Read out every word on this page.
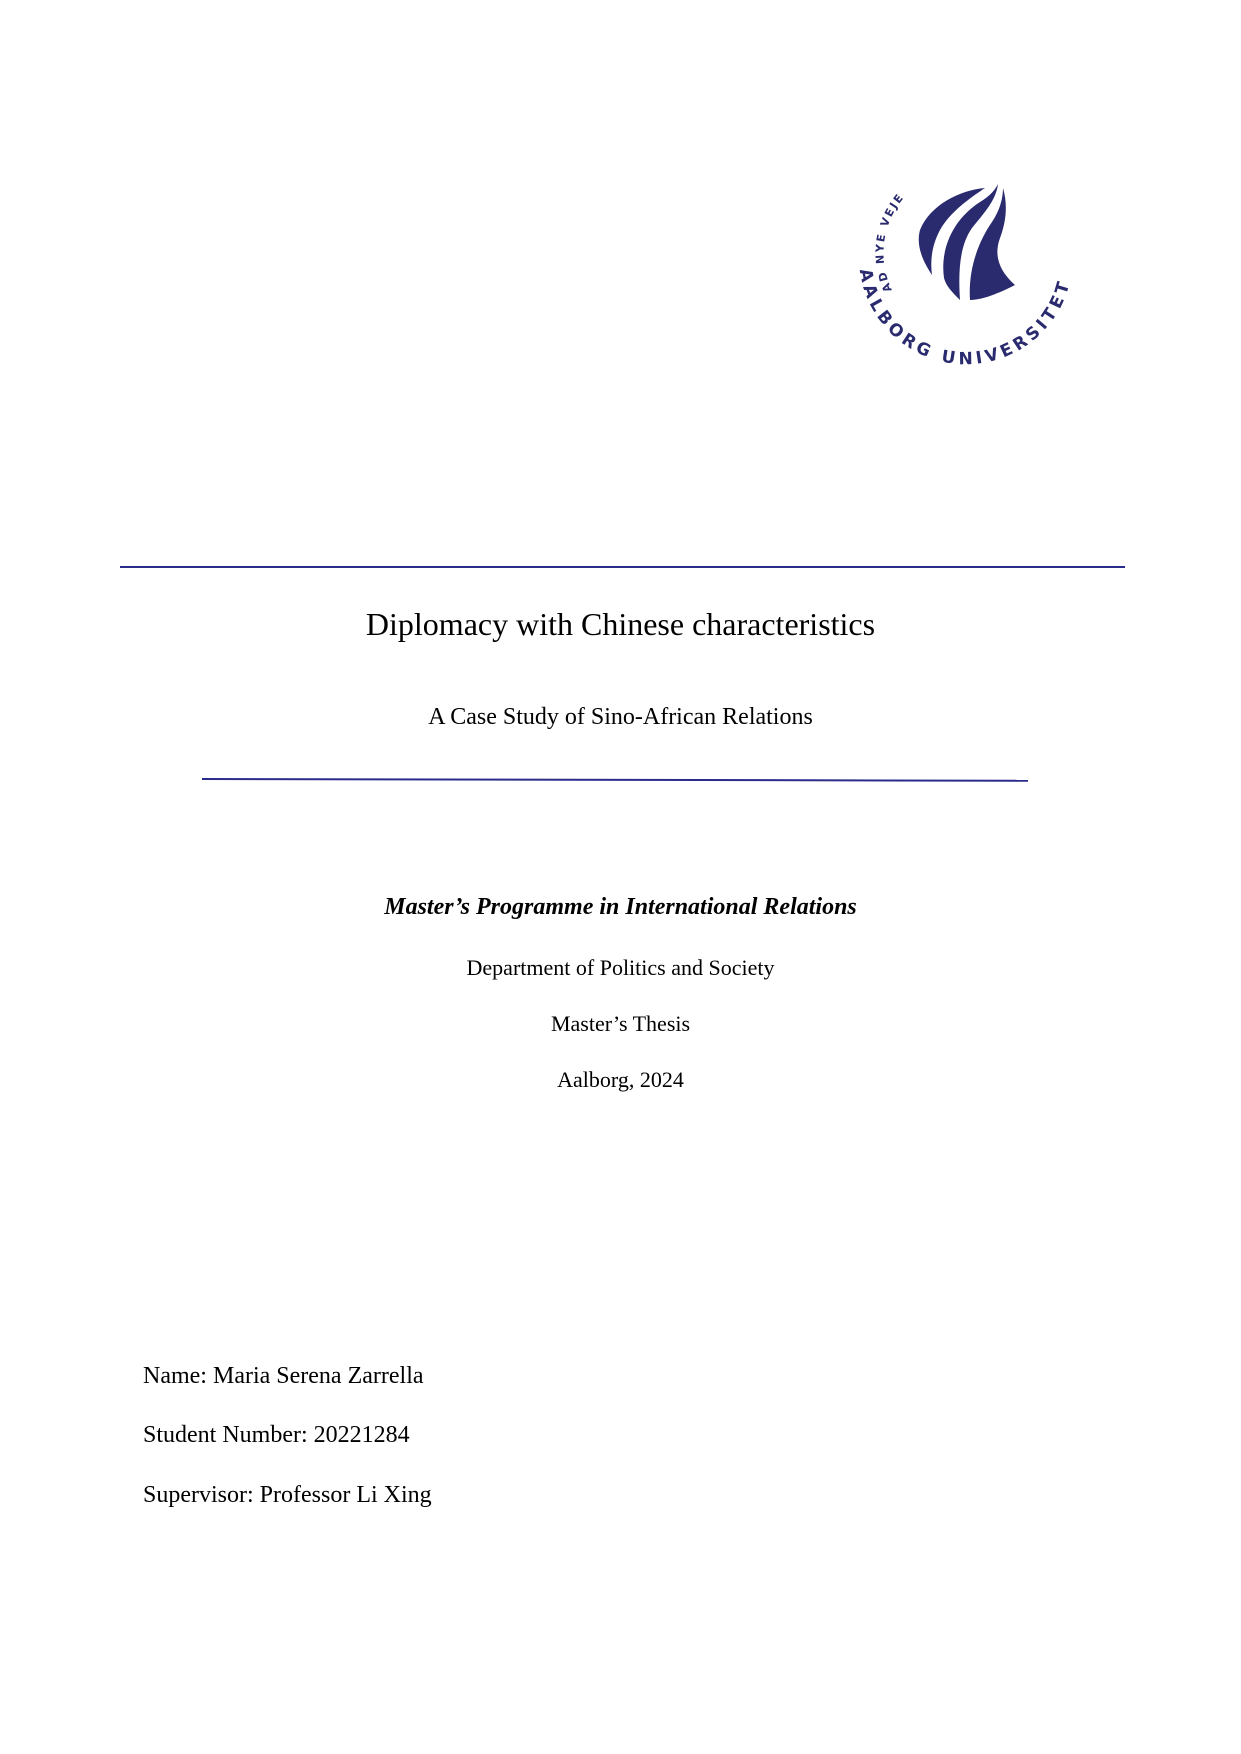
AD NYE VEJE
AALBORG UNIVERSITET
Diplomacy with Chinese characteristics
A Case Study of Sino-African Relations
Master’s Programme in International Relations
Department of Politics and Society
Master’s Thesis
Aalborg, 2024
Name: Maria Serena Zarrella
Student Number: 20221284
Supervisor: Professor Li Xing
